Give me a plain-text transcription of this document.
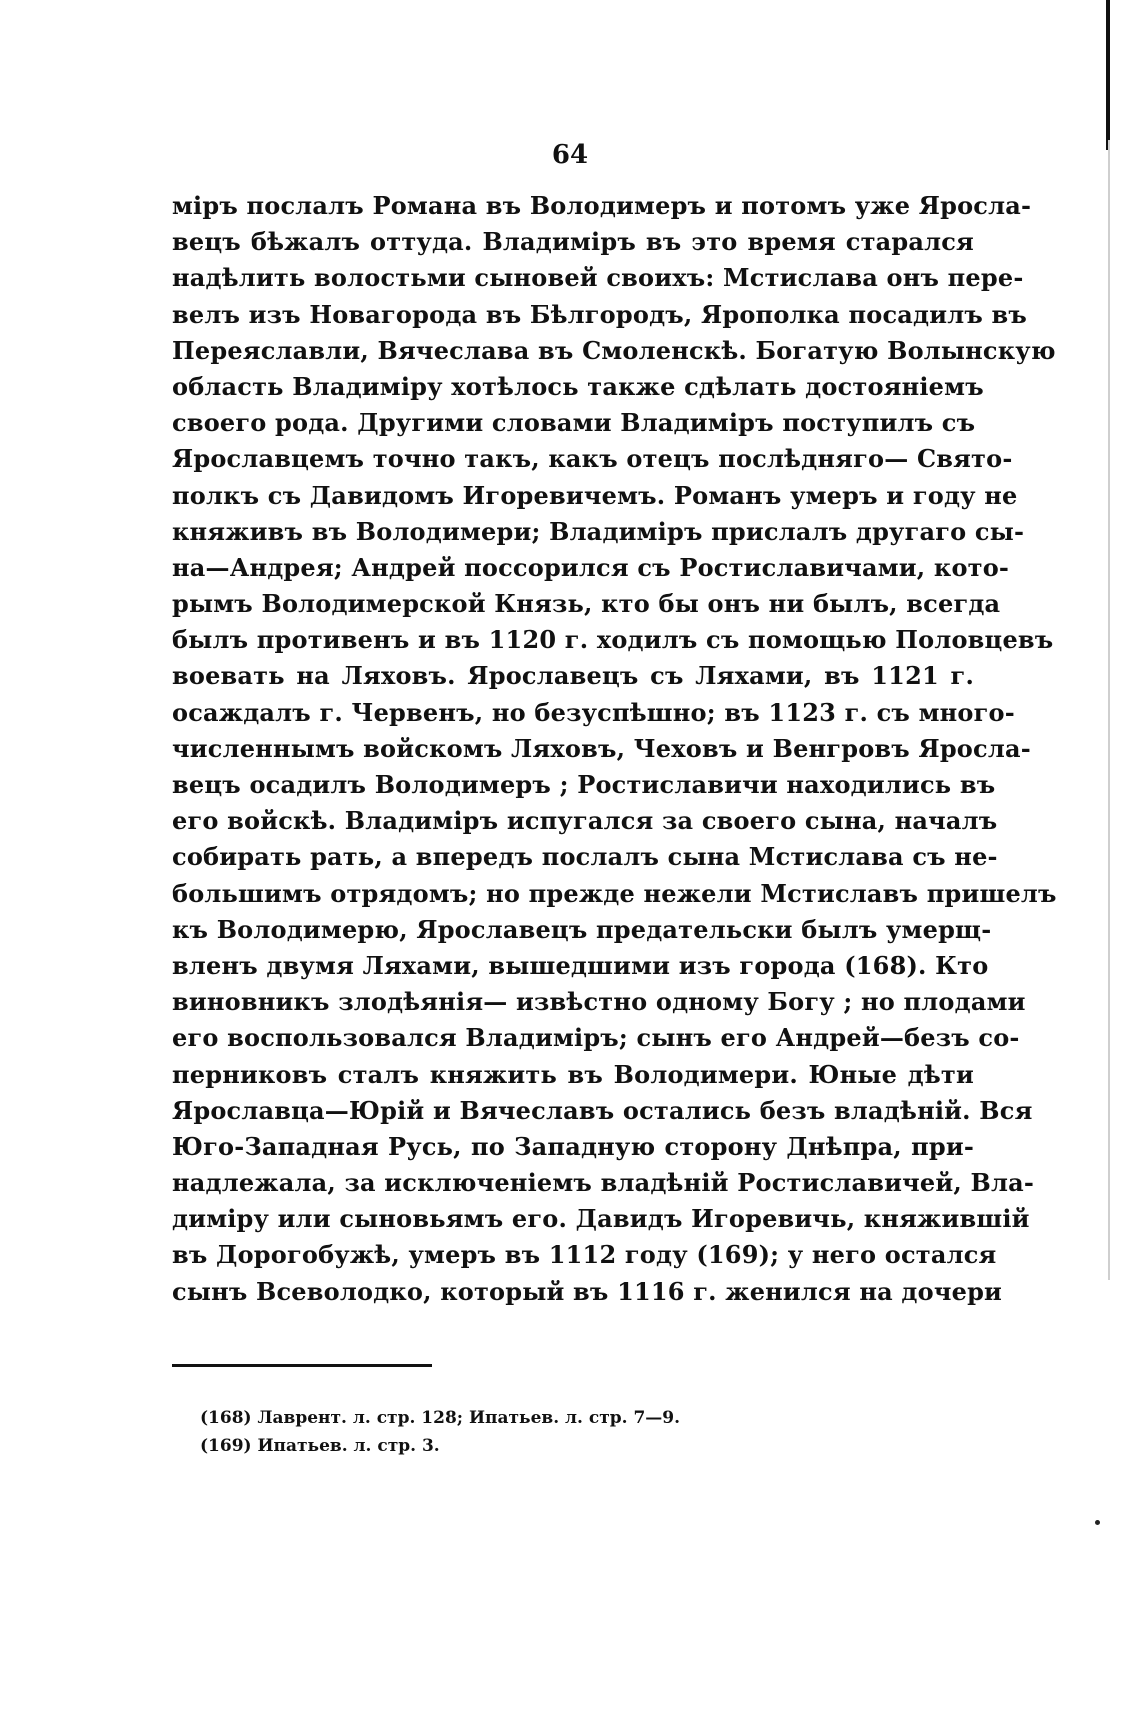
64
міръ послалъ Романа въ Володимеръ и потомъ уже Яросла-
вецъ бѣжалъ оттуда. Владиміръ въ это время старался
надѣлить волостьми сыновей своихъ: Мстислава онъ пере-
велъ изъ Новагорода въ Бѣлгородъ, Ярополка посадилъ въ
Переяславли, Вячеслава въ Смоленскѣ. Богатую Волынскую
область Владиміру хотѣлось также сдѣлать достояніемъ
своего рода. Другими словами Владиміръ поступилъ съ
Ярославцемъ точно такъ, какъ отецъ послѣдняго— Свято-
полкъ съ Давидомъ Игоревичемъ. Романъ умеръ и году не
княживъ въ Володимери; Владиміръ прислалъ другаго сы-
на—Андрея; Андрей поссорился съ Ростиславичами, кото-
рымъ Володимерской Князь, кто бы онъ ни былъ, всегда
былъ противенъ и въ 1120 г. ходилъ съ помощью Половцевъ
воевать на Ляховъ. Ярославецъ съ Ляхами, въ 1121 г.
осаждалъ г. Червенъ, но безуспѣшно; въ 1123 г. съ много-
численнымъ войскомъ Ляховъ, Чеховъ и Венгровъ Яросла-
вецъ осадилъ Володимеръ ; Ростиславичи находились въ
его войскѣ. Владиміръ испугался за своего сына, началъ
собирать рать, а впередъ послалъ сына Мстислава съ не-
большимъ отрядомъ; но прежде нежели Мстиславъ пришелъ
къ Володимерю, Ярославецъ предательски былъ умерщ-
вленъ двумя Ляхами, вышедшими изъ города (168). Кто
виновникъ злодѣянія— извѣстно одному Богу ; но плодами
его воспользовался Владиміръ; сынъ его Андрей—безъ со-
перниковъ сталъ княжить въ Володимери. Юные дѣти
Ярославца—Юрій и Вячеславъ остались безъ владѣній. Вся
Юго-Западная Русь, по Западную сторону Днѣпра, при-
надлежала, за исключеніемъ владѣній Ростиславичей, Вла-
диміру или сыновьямъ его. Давидъ Игоревичь, княжившій
въ Дорогобужѣ, умеръ въ 1112 году (169); у него остался
сынъ Всеволодко, который въ 1116 г. женился на дочери
(168) Лаврент. л. стр. 128; Ипатьев. л. стр. 7—9.
(169) Ипатьев. л. стр. 3.
